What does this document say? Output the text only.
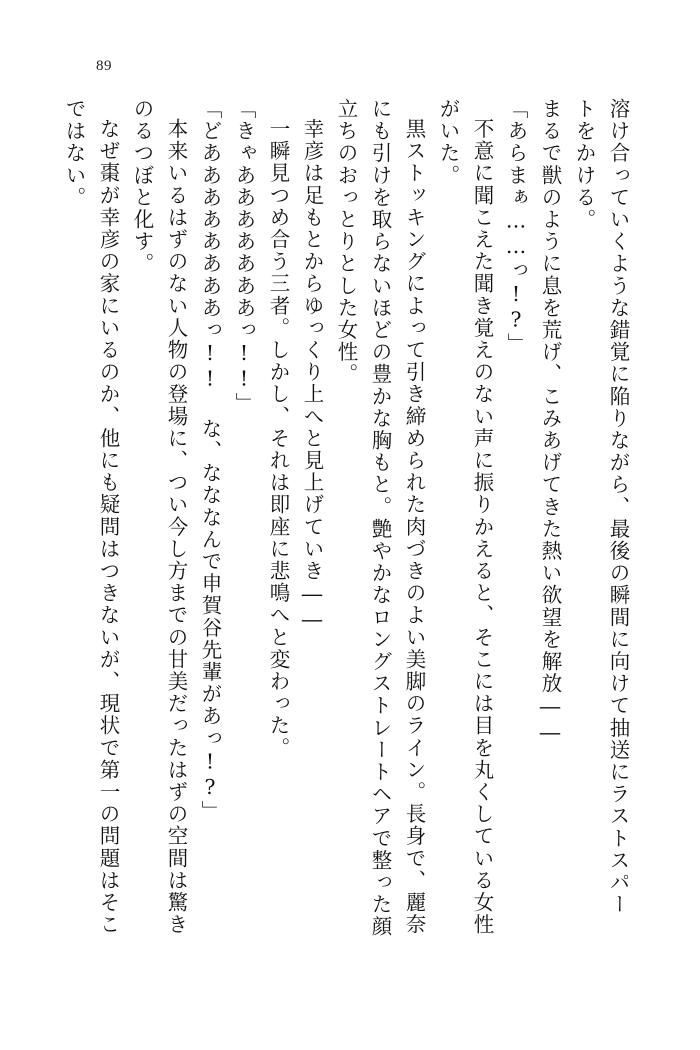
89
溶け合っていくような錯覚に陥りながら、最後の瞬間に向けて抽送にラストスパー
トをかける。
まるで獣のように息を荒げ、こみあげてきた熱い欲望を解放――
「あらまぁ……っ!?」
不意に聞こえた聞き覚えのない声に振りかえると、そこには目を丸くしている女性
がいた。
黒ストッキングによって引き締められた肉づきのよい美脚のライン。長身で、麗奈
にも引けを取らないほどの豊かな胸もと。艶やかなロングストレートヘアで整った顔
立ちのおっとりとした女性。
幸彦は足もとからゆっくり上へと見上げていき――
一瞬見つめ合う三者。しかし、それは即座に悲鳴へと変わった。
「きゃあああああああっ!!」
「どああああああああっ!! な、なななんで申賀谷先輩があっ!?」
本来いるはずのない人物の登場に、つい今し方までの甘美だったはずの空間は驚き
のるつぼと化す。
なぜ棗が幸彦の家にいるのか、他にも疑問はつきないが、現状で第一の問題はそこ
ではない。
